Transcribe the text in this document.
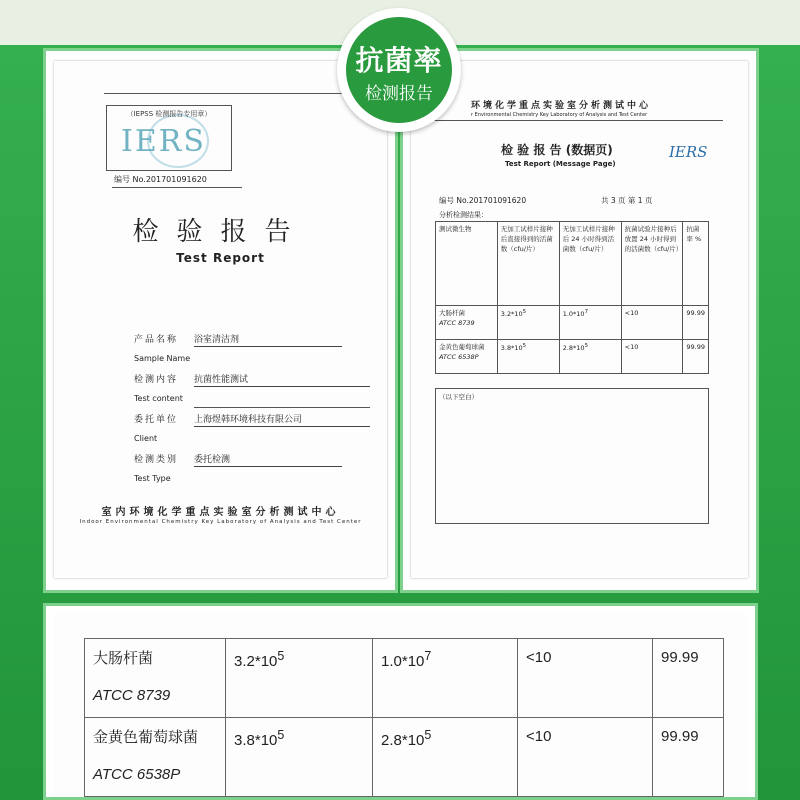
（IEPSS 检测报告专用章）
IERS
编号 No.201701091620
检验报告
Test Report
产品名称 浴室清洁剂
Sample Name
检测内容 抗菌性能测试
Test content
委托单位 上海煜韩环境科技有限公司
Client
检测类别 委托检测
Test Type
室内环境化学重点实验室分析测试中心
Indoor Environmental Chemistry Key Laboratory of Analysis and Test Center
环境化学重点实验室分析测试中心
r Environmental Chemistry Key Laboratory of Analysis and Test Center
检 验 报 告 (数据页)
Test Report (Message Page)
IERS
编号 No.201701091620	共 3 页 第 1 页
分析检测结果：
测试微生物	无加工试样片接种后直接得到的活菌数（cfu/片）	无加工试样片接种后 24 小时得到活菌数（cfu/片）	抗菌试验片接种后放置 24 小时得到的活菌数（cfu/片）	抗菌率 %
大肠杆菌
ATCC 8739	$3.2*10^5$	$1.0*10^7$	<10	99.99
金黄色葡萄球菌
ATCC 6538P	$3.8*10^5$	$2.8*10^5$	<10	99.99
（以下空白）
抗菌率
检测报告
大肠杆菌
ATCC 8739	$3.2*10^5$	$1.0*10^7$	<10	99.99
金黄色葡萄球菌
ATCC 6538P	$3.8*10^5$	$2.8*10^5$	<10	99.99
